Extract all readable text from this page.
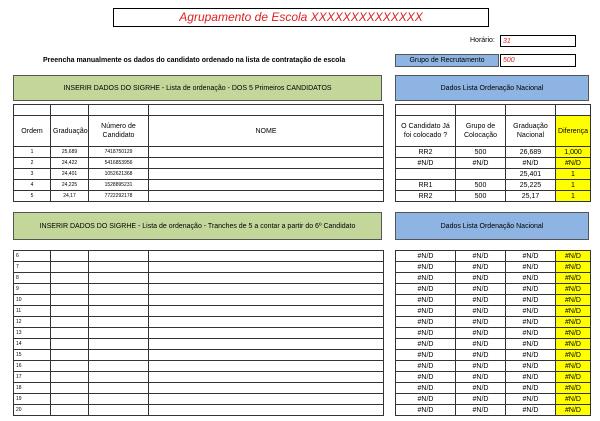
Agrupamento de Escola XXXXXXXXXXXXXX
Horário: 31
Preencha manualmente os dados do candidato ordenado na lista de contratação de escola	Grupo de Recrutamento	500
INSERIR DADOS DO SIGRHE - Lista de ordenação - DOS 5 Primeiros CANDIDATOS	Dados Lista Ordenação Nacional

Ordem	Graduação	Número de Candidato	NOME
1	25,689	7418750129	
2	24,422	5416853956	
3	24,401	1052621368	
4	24,225	1528895231	
5	24,17	7722292178	

O Candidato Já foi colocado ?	Grupo de Colocação	Graduação Nacional	Diferença
RR2	500	26,689	1,000
#N/D	#N/D	#N/D	#N/D
		25,401	1
RR1	500	25,225	1
RR2	500	25,17	1
INSERIR DADOS DO SIGRHE - Lista de ordenação - Tranches de 5 a contar a partir do 6º Candidato	Dados Lista Ordenação Nacional
6			
7			
8			
9			
10			
11			
12			
13			
14			
15			
16			
17			
18			
19			
20			
#N/D	#N/D	#N/D	#N/D
#N/D	#N/D	#N/D	#N/D
#N/D	#N/D	#N/D	#N/D
#N/D	#N/D	#N/D	#N/D
#N/D	#N/D	#N/D	#N/D
#N/D	#N/D	#N/D	#N/D
#N/D	#N/D	#N/D	#N/D
#N/D	#N/D	#N/D	#N/D
#N/D	#N/D	#N/D	#N/D
#N/D	#N/D	#N/D	#N/D
#N/D	#N/D	#N/D	#N/D
#N/D	#N/D	#N/D	#N/D
#N/D	#N/D	#N/D	#N/D
#N/D	#N/D	#N/D	#N/D
#N/D	#N/D	#N/D	#N/D
